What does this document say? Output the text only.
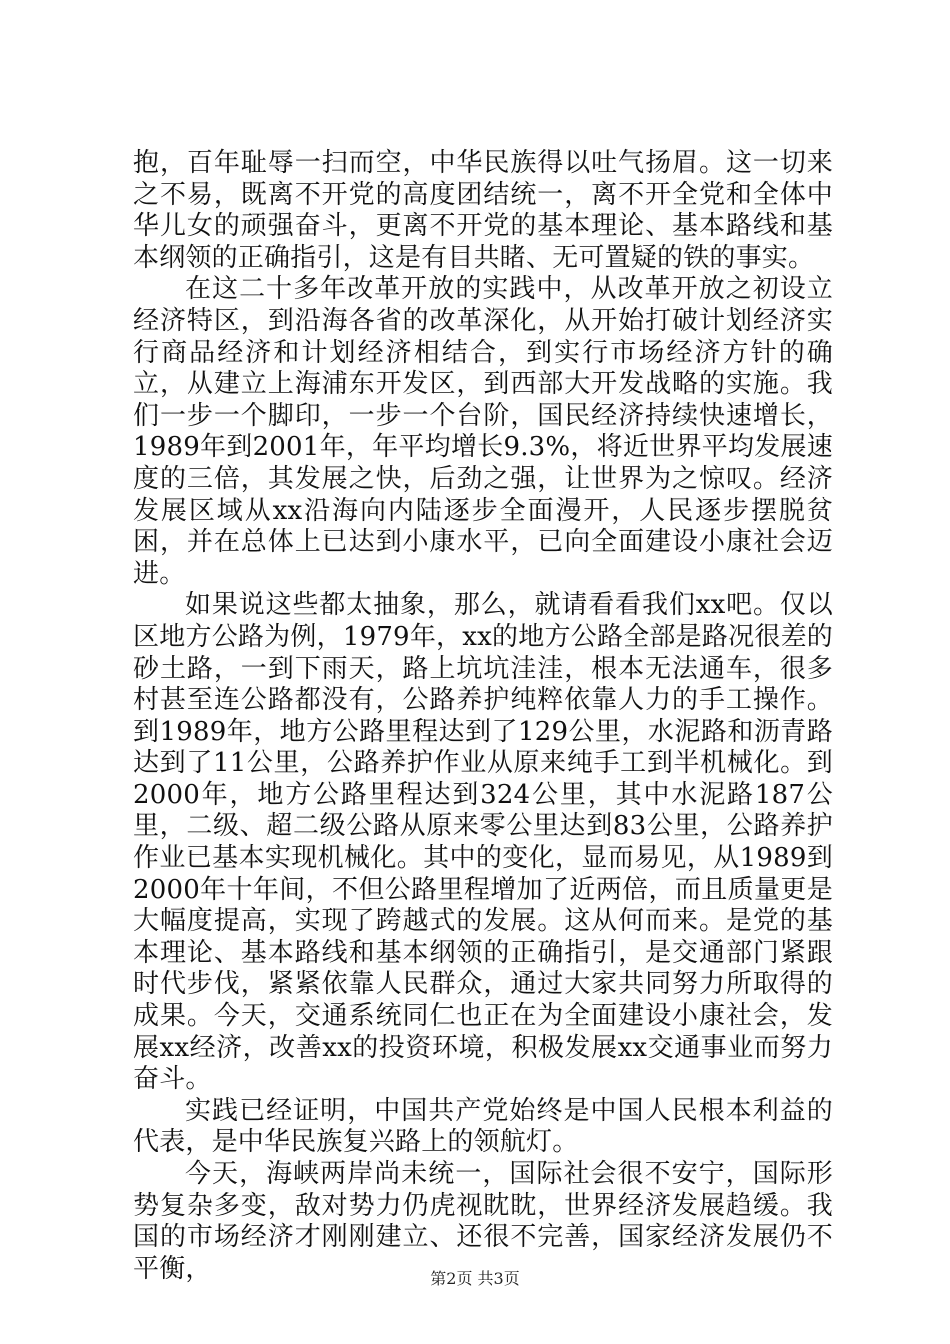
抱，百年耻辱一扫而空，中华民族得以吐气扬眉。这一切来之不易，既离不开党的高度团结统一，离不开全党和全体中华儿女的顽强奋斗，更离不开党的基本理论、基本路线和基本纲领的正确指引，这是有目共睹、无可置疑的铁的事实。

在这二十多年改革开放的实践中，从改革开放之初设立经济特区，到沿海各省的改革深化，从开始打破计划经济实行商品经济和计划经济相结合，到实行市场经济方针的确立，从建立上海浦东开发区，到西部大开发战略的实施。我们一步一个脚印，一步一个台阶，国民经济持续快速增长，1989年到2001年，年平均增长9.3%，将近世界平均发展速度的三倍，其发展之快，后劲之强，让世界为之惊叹。经济发展区域从xx沿海向内陆逐步全面漫开，人民逐步摆脱贫困，并在总体上已达到小康水平，已向全面建设小康社会迈进。

如果说这些都太抽象，那么，就请看看我们xx吧。仅以区地方公路为例，1979年，xx的地方公路全部是路况很差的砂土路，一到下雨天，路上坑坑洼洼，根本无法通车，很多村甚至连公路都没有，公路养护纯粹依靠人力的手工操作。到1989年，地方公路里程达到了129公里，水泥路和沥青路达到了11公里，公路养护作业从原来纯手工到半机械化。到2000年，地方公路里程达到324公里，其中水泥路187公里，二级、超二级公路从原来零公里达到83公里，公路养护作业已基本实现机械化。其中的变化，显而易见，从1989到2000年十年间，不但公路里程增加了近两倍，而且质量更是大幅度提高，实现了跨越式的发展。这从何而来。是党的基本理论、基本路线和基本纲领的正确指引，是交通部门紧跟时代步伐，紧紧依靠人民群众，通过大家共同努力所取得的成果。今天，交通系统同仁也正在为全面建设小康社会，发展xx经济，改善xx的投资环境，积极发展xx交通事业而努力奋斗。

实践已经证明，中国共产党始终是中国人民根本利益的代表，是中华民族复兴路上的领航灯。

今天，海峡两岸尚未统一，国际社会很不安宁，国际形势复杂多变，敌对势力仍虎视眈眈，世界经济发展趋缓。我国的市场经济才刚刚建立、还很不完善，国家经济发展仍不平衡，	第2页 共3页
